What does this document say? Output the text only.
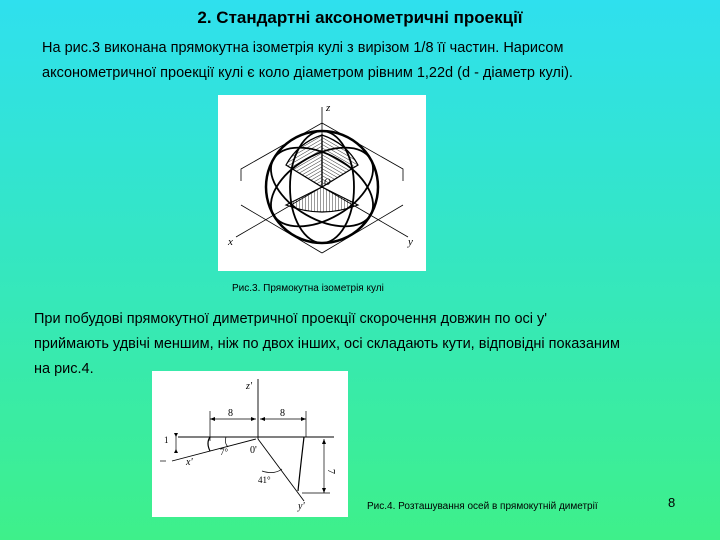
2. Стандартні аксонометричні проекції
На рис.3 виконана прямокутна ізометрія кулі з вирізом 1/8 її частин. Нарисом
аксонометричної проекції кулі є коло діаметром рівним 1,22d (d - діаметр кулі).
z
x	y
O
Рис.3. Прямокутна ізометрія кулі
При побудові прямокутної диметричної проекції скорочення довжин по осі у'
приймають удвічі меншим, ніж по двох інших, осі складають кути, відповідні показаним
на рис.4.
z'
x'
y'
0'
8	8
7
1
7°
41°
Рис.4. Розташування осей в прямокутній диметрії	8
